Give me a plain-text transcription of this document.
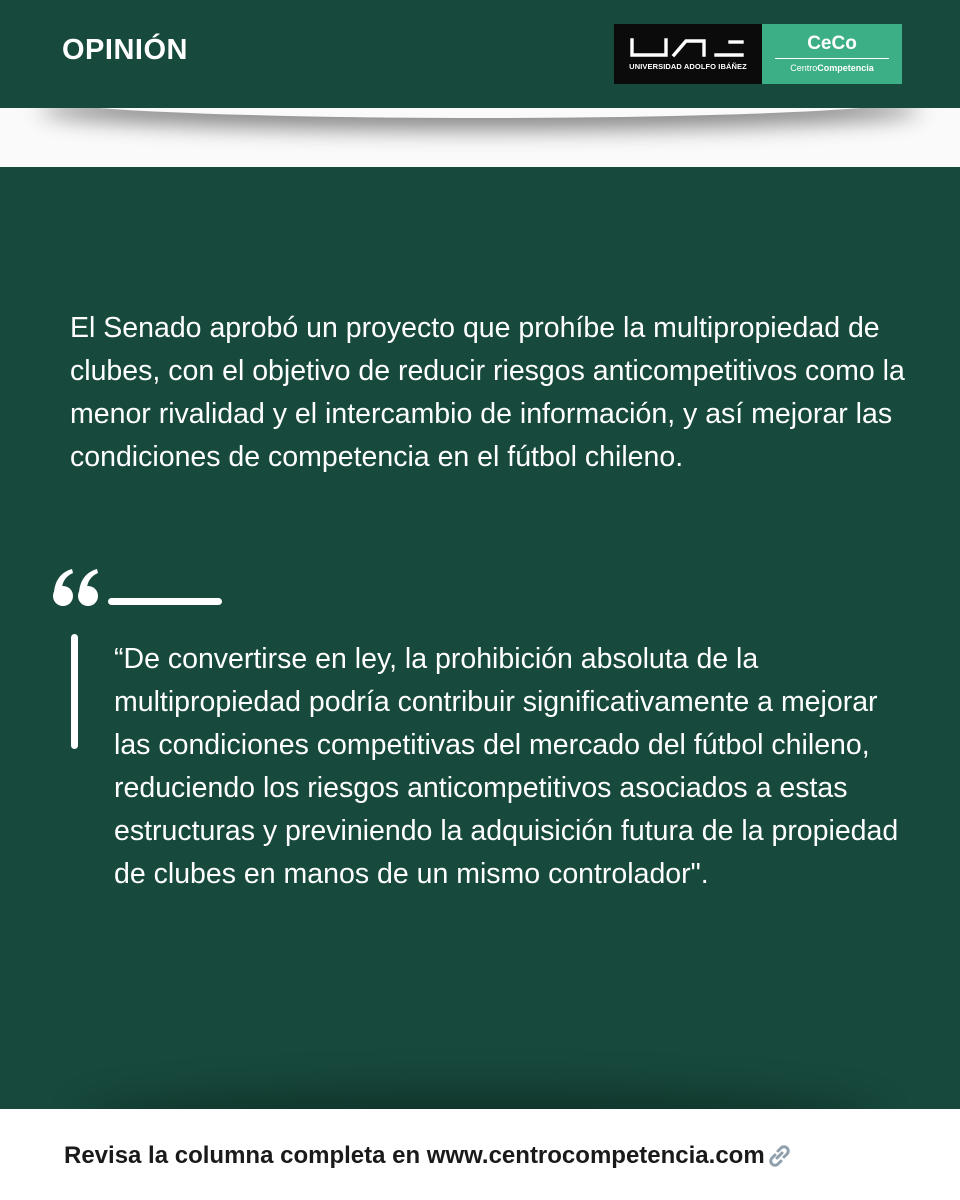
OPINIÓN
UNIVERSIDAD ADOLFO IBÁÑEZ
CeCo
CentroCompetencia

El Senado aprobó un proyecto que prohíbe la multipropiedad de clubes, con el objetivo de reducir riesgos anticompetitivos como la menor rivalidad y el intercambio de información, y así mejorar las condiciones de competencia en el fútbol chileno.

“De convertirse en ley, la prohibición absoluta de la multipropiedad podría contribuir significativamente a mejorar las condiciones competitivas del mercado del fútbol chileno, reduciendo los riesgos anticompetitivos asociados a estas estructuras y previniendo la adquisición futura de la propiedad de clubes en manos de un mismo controlador".

Revisa la columna completa en www.centrocompetencia.com
